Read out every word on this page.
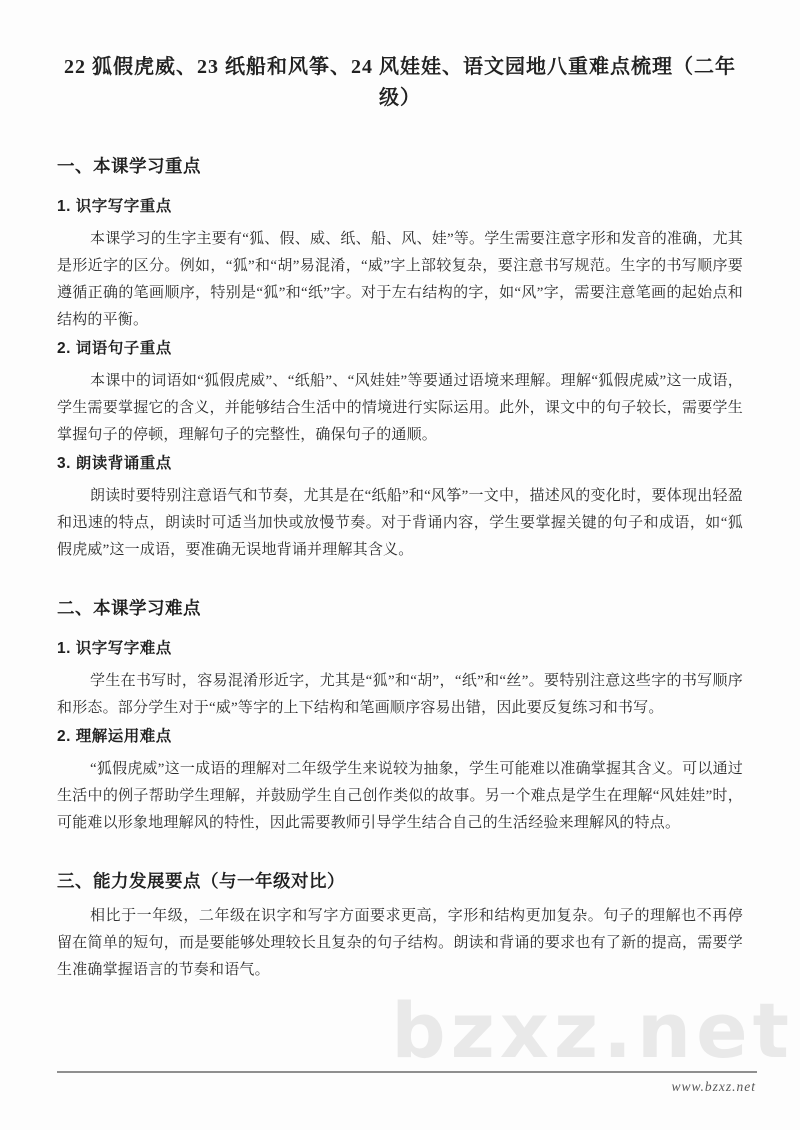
bzxz.net
22 狐假虎威、23 纸船和风筝、24 风娃娃、语文园地八重难点梳理（二年级）
一、本课学习重点
1. 识字写字重点

本课学习的生字主要有“狐、假、威、纸、船、风、娃”等。学生需要注意字形和发音的准确，尤其是形近字的区分。例如，“狐”和“胡”易混淆，“威”字上部较复杂，要注意书写规范。生字的书写顺序要遵循正确的笔画顺序，特别是“狐”和“纸”字。对于左右结构的字，如“风”字，需要注意笔画的起始点和结构的平衡。

2. 词语句子重点

本课中的词语如“狐假虎威”、“纸船”、“风娃娃”等要通过语境来理解。理解“狐假虎威”这一成语，学生需要掌握它的含义，并能够结合生活中的情境进行实际运用。此外，课文中的句子较长，需要学生掌握句子的停顿，理解句子的完整性，确保句子的通顺。

3. 朗读背诵重点

朗读时要特别注意语气和节奏，尤其是在“纸船”和“风筝”一文中，描述风的变化时，要体现出轻盈和迅速的特点，朗读时可适当加快或放慢节奏。对于背诵内容，学生要掌握关键的句子和成语，如“狐假虎威”这一成语，要准确无误地背诵并理解其含义。

二、本课学习难点
1. 识字写字难点

学生在书写时，容易混淆形近字，尤其是“狐”和“胡”，“纸”和“丝”。要特别注意这些字的书写顺序和形态。部分学生对于“威”等字的上下结构和笔画顺序容易出错，因此要反复练习和书写。

2. 理解运用难点

“狐假虎威”这一成语的理解对二年级学生来说较为抽象，学生可能难以准确掌握其含义。可以通过生活中的例子帮助学生理解，并鼓励学生自己创作类似的故事。另一个难点是学生在理解“风娃娃”时，可能难以形象地理解风的特性，因此需要教师引导学生结合自己的生活经验来理解风的特点。

三、能力发展要点（与一年级对比）

相比于一年级，二年级在识字和写字方面要求更高，字形和结构更加复杂。句子的理解也不再停留在简单的短句，而是要能够处理较长且复杂的句子结构。朗读和背诵的要求也有了新的提高，需要学生准确掌握语言的节奏和语气。

www.bzxz.net
